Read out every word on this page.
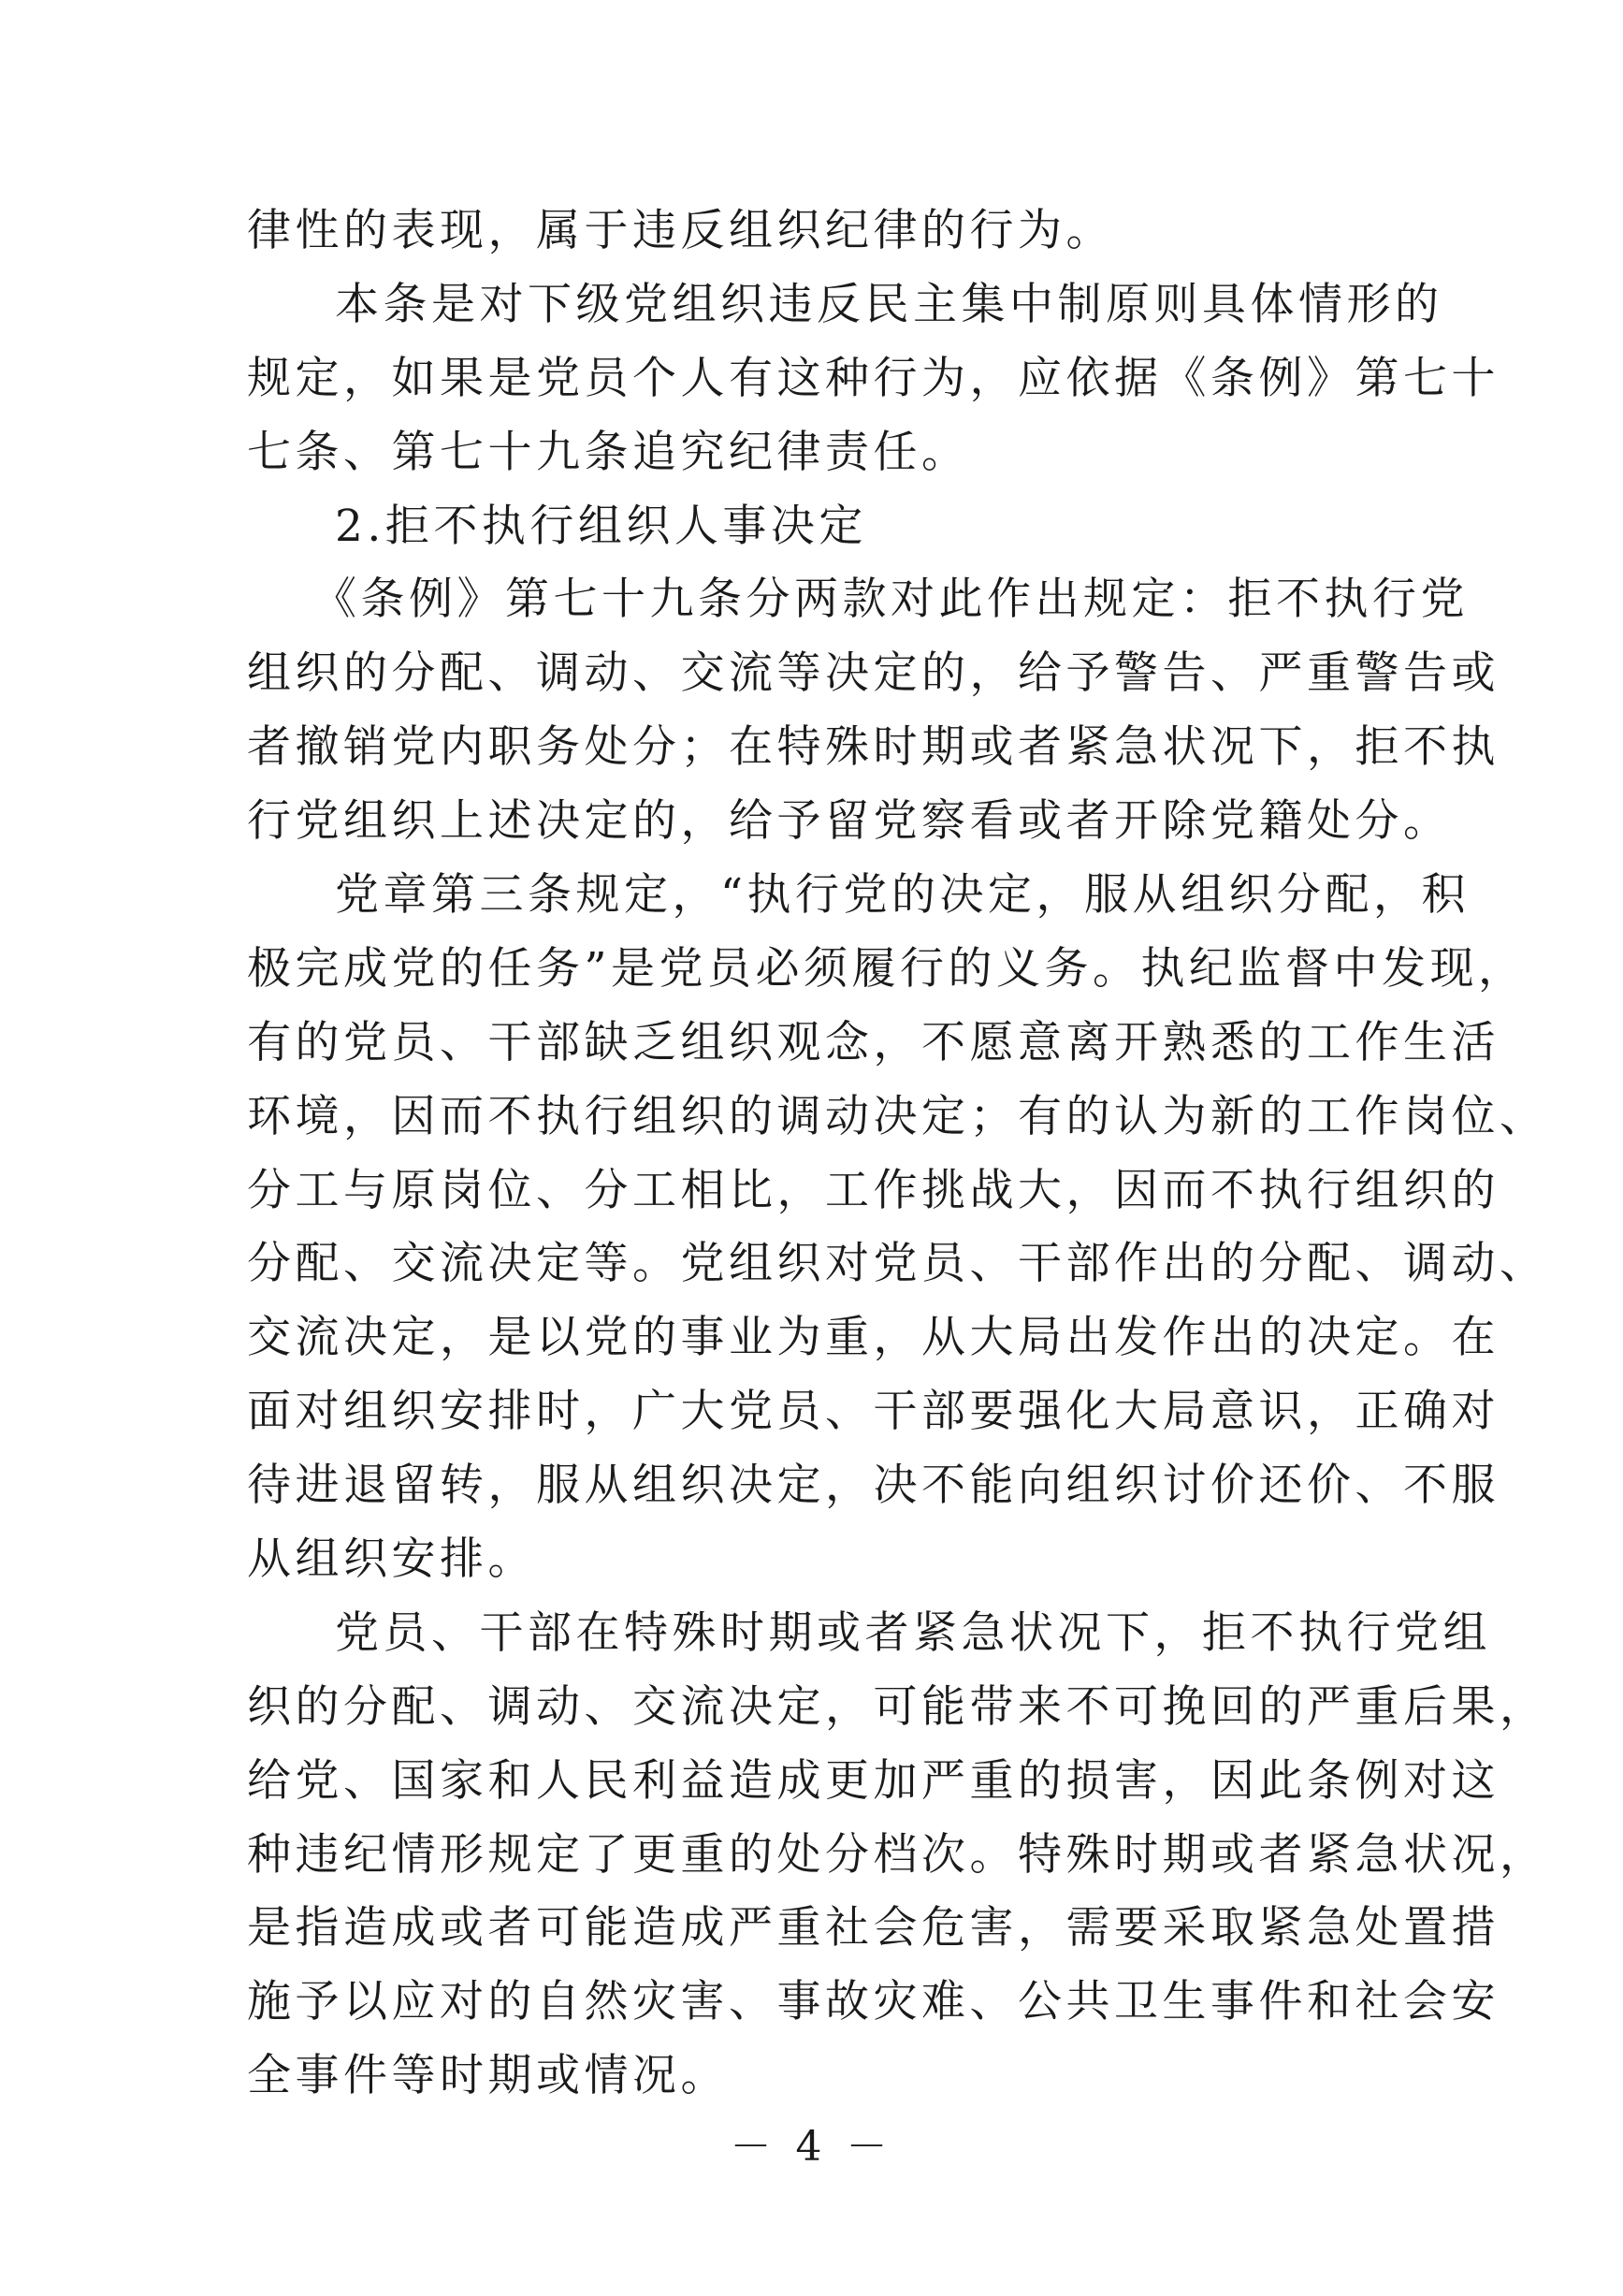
律性的表现，属于违反组织纪律的行为。
本条是对下级党组织违反民主集中制原则具体情形的
规定，如果是党员个人有这种行为，应依据《条例》第七十
七条、第七十九条追究纪律责任。
2.拒不执行组织人事决定
《条例》第七十九条分两款对此作出规定：拒不执行党
组织的分配、调动、交流等决定的，给予警告、严重警告或
者撤销党内职务处分；在特殊时期或者紧急状况下，拒不执
行党组织上述决定的，给予留党察看或者开除党籍处分。
党章第三条规定，“执行党的决定，服从组织分配，积
极完成党的任务”是党员必须履行的义务。执纪监督中发现，
有的党员、干部缺乏组织观念，不愿意离开熟悉的工作生活
环境，因而不执行组织的调动决定；有的认为新的工作岗位、
分工与原岗位、分工相比，工作挑战大，因而不执行组织的
分配、交流决定等。党组织对党员、干部作出的分配、调动、
交流决定，是以党的事业为重，从大局出发作出的决定。在
面对组织安排时，广大党员、干部要强化大局意识，正确对
待进退留转，服从组织决定，决不能向组织讨价还价、不服
从组织安排。
党员、干部在特殊时期或者紧急状况下，拒不执行党组
织的分配、调动、交流决定，可能带来不可挽回的严重后果，
给党、国家和人民利益造成更加严重的损害，因此条例对这
种违纪情形规定了更重的处分档次。特殊时期或者紧急状况，
是指造成或者可能造成严重社会危害，需要采取紧急处置措
施予以应对的自然灾害、事故灾难、公共卫生事件和社会安
全事件等时期或情况。
－ 4 －
